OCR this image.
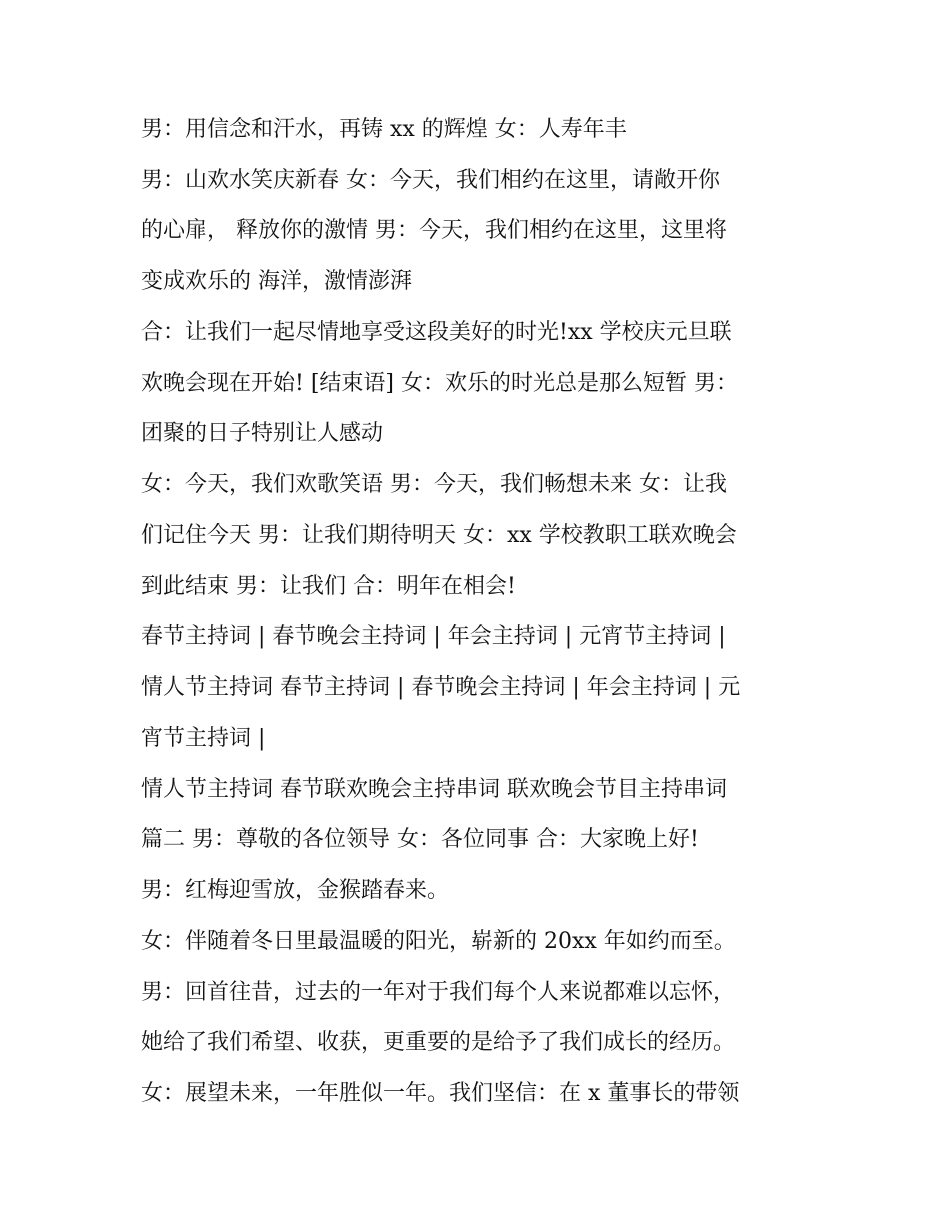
男：用信念和汗水，再铸 xx 的辉煌 女：人寿年丰
男：山欢水笑庆新春 女：今天，我们相约在这里，请敞开你
的心扉， 释放你的激情 男：今天，我们相约在这里，这里将
变成欢乐的 海洋，激情澎湃
合：让我们一起尽情地享受这段美好的时光!xx 学校庆元旦联
欢晚会现在开始! [结束语] 女：欢乐的时光总是那么短暂 男：
团聚的日子特别让人感动
女：今天，我们欢歌笑语 男：今天，我们畅想未来 女：让我
们记住今天 男：让我们期待明天 女：xx 学校教职工联欢晚会
到此结束 男：让我们 合：明年在相会!
春节主持词 | 春节晚会主持词 | 年会主持词 | 元宵节主持词 |
情人节主持词 春节主持词 | 春节晚会主持词 | 年会主持词 | 元
宵节主持词 |
情人节主持词 春节联欢晚会主持串词 联欢晚会节目主持串词
篇二 男：尊敬的各位领导 女：各位同事 合：大家晚上好!
男：红梅迎雪放，金猴踏春来。
女：伴随着冬日里最温暖的阳光，崭新的 20xx 年如约而至。
男：回首往昔，过去的一年对于我们每个人来说都难以忘怀，
她给了我们希望、收获，更重要的是给予了我们成长的经历。
女：展望未来，一年胜似一年。我们坚信：在 x 董事长的带领
